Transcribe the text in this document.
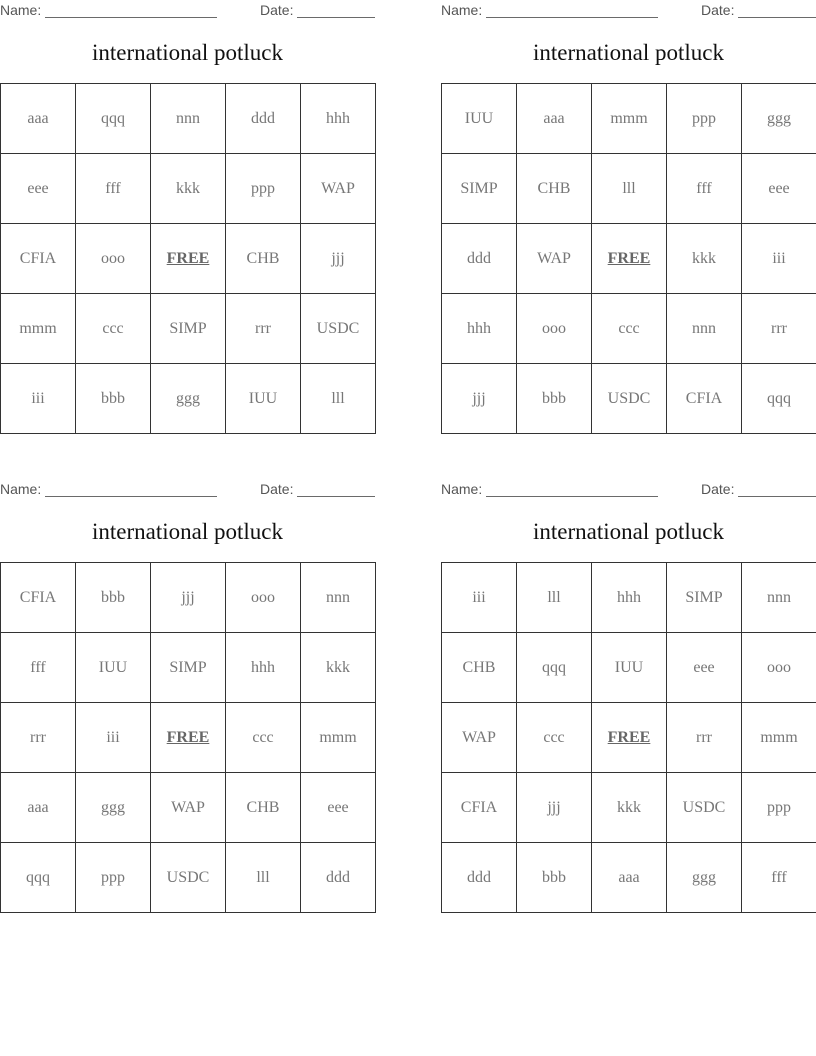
Name:	Date:
international potluck
aaa	qqq	nnn	ddd	hhh
eee	fff	kkk	ppp	WAP
CFIA	ooo	FREE	CHB	jjj
mmm	ccc	SIMP	rrr	USDC
iii	bbb	ggg	IUU	lll
Name:	Date:
international potluck
IUU	aaa	mmm	ppp	ggg
SIMP	CHB	lll	fff	eee
ddd	WAP	FREE	kkk	iii
hhh	ooo	ccc	nnn	rrr
jjj	bbb	USDC	CFIA	qqq
Name:	Date:
international potluck
CFIA	bbb	jjj	ooo	nnn
fff	IUU	SIMP	hhh	kkk
rrr	iii	FREE	ccc	mmm
aaa	ggg	WAP	CHB	eee
qqq	ppp	USDC	lll	ddd
Name:	Date:
international potluck
iii	lll	hhh	SIMP	nnn
CHB	qqq	IUU	eee	ooo
WAP	ccc	FREE	rrr	mmm
CFIA	jjj	kkk	USDC	ppp
ddd	bbb	aaa	ggg	fff
